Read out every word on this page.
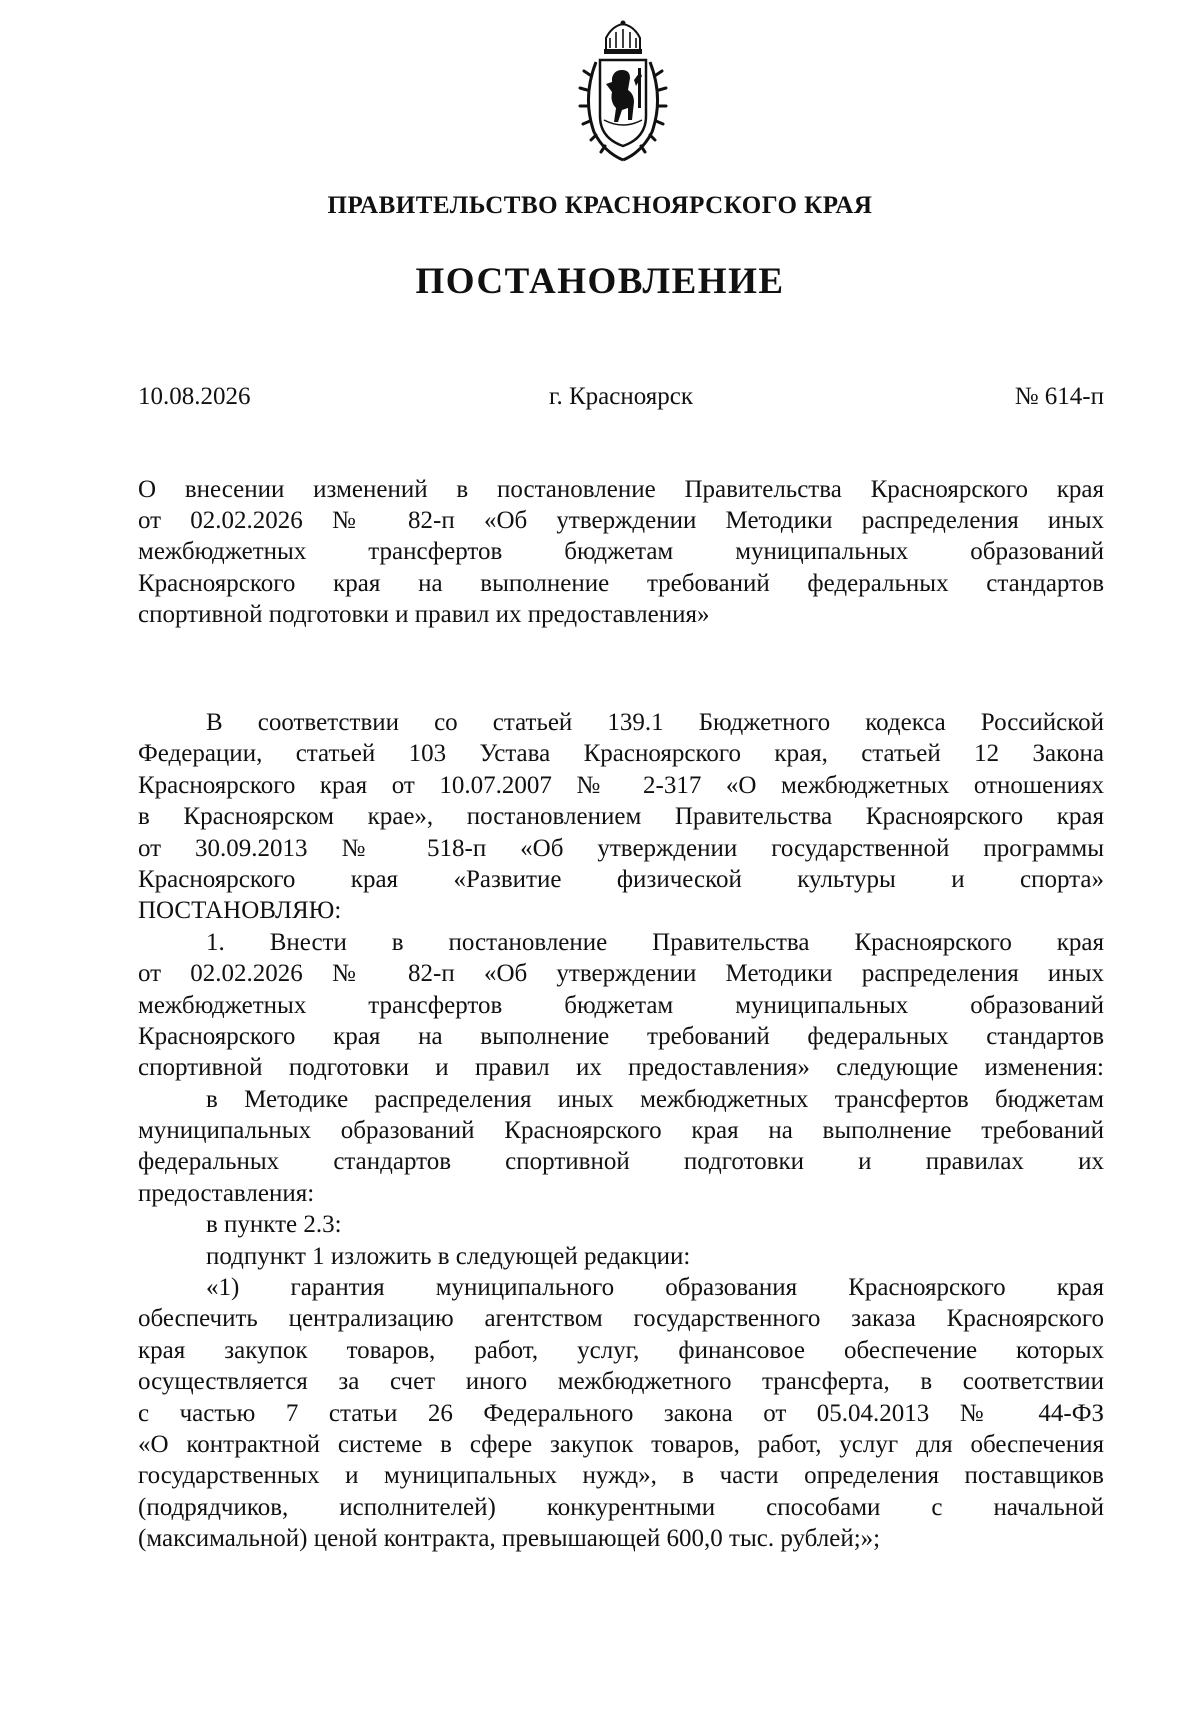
ПРАВИТЕЛЬСТВО КРАСНОЯРСКОГО КРАЯ
ПОСТАНОВЛЕНИЕ
10.08.2026	г. Красноярск	№ 614-п
О внесении изменений в постановление Правительства Красноярского края
от 02.02.2026 № 82-п «Об утверждении Методики распределения иных
межбюджетных трансфертов бюджетам муниципальных образований
Красноярского края на выполнение требований федеральных стандартов
спортивной подготовки и правил их предоставления»
В соответствии со статьей 139.1 Бюджетного кодекса Российской
Федерации, статьей 103 Устава Красноярского края, статьей 12 Закона
Красноярского края от 10.07.2007 № 2-317 «О межбюджетных отношениях
в Красноярском крае», постановлением Правительства Красноярского края
от 30.09.2013 № 518-п «Об утверждении государственной программы
Красноярского края «Развитие физической культуры и спорта»
ПОСТАНОВЛЯЮ:
1. Внести в постановление Правительства Красноярского края
от 02.02.2026 № 82-п «Об утверждении Методики распределения иных
межбюджетных трансфертов бюджетам муниципальных образований
Красноярского края на выполнение требований федеральных стандартов
спортивной подготовки и правил их предоставления» следующие изменения:
в Методике распределения иных межбюджетных трансфертов бюджетам
муниципальных образований Красноярского края на выполнение требований
федеральных стандартов спортивной подготовки и правилах их
предоставления:
в пункте 2.3:
подпункт 1 изложить в следующей редакции:
«1) гарантия муниципального образования Красноярского края
обеспечить централизацию агентством государственного заказа Красноярского
края закупок товаров, работ, услуг, финансовое обеспечение которых
осуществляется за счет иного межбюджетного трансферта, в соответствии
с частью 7 статьи 26 Федерального закона от 05.04.2013 № 44-ФЗ
«О контрактной системе в сфере закупок товаров, работ, услуг для обеспечения
государственных и муниципальных нужд», в части определения поставщиков
(подрядчиков, исполнителей) конкурентными способами с начальной
(максимальной) ценой контракта, превышающей 600,0 тыс. рублей;»;
